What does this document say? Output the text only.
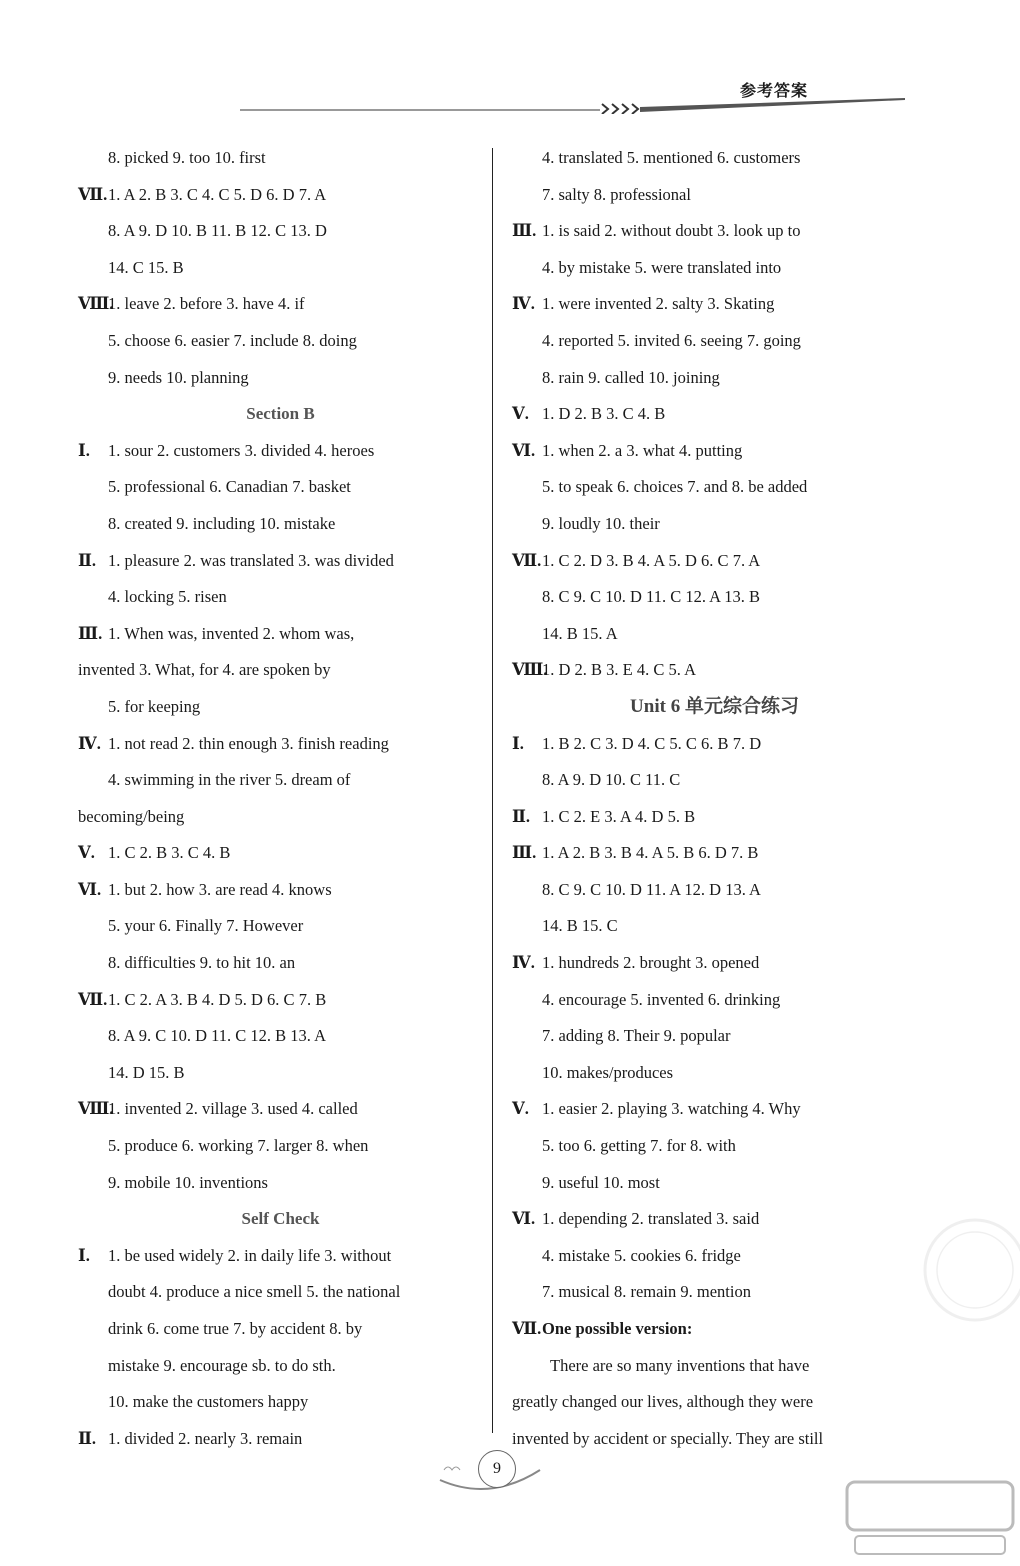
参考答案
8. picked 9. too 10. first
Ⅶ.1. A 2. B 3. C 4. C 5. D 6. D 7. A
8. A 9. D 10. B 11. B 12. C 13. D
14. C 15. B
Ⅷ.1. leave 2. before 3. have 4. if
5. choose 6. easier 7. include 8. doing
9. needs 10. planning
Section B
Ⅰ. 1. sour 2. customers 3. divided 4. heroes
5. professional 6. Canadian 7. basket
8. created 9. including 10. mistake
Ⅱ. 1. pleasure 2. was translated 3. was divided
4. locking 5. risen
Ⅲ. 1. When was, invented 2. whom was,
invented 3. What, for 4. are spoken by
5. for keeping
Ⅳ. 1. not read 2. thin enough 3. finish reading
4. swimming in the river 5. dream of
becoming/being
Ⅴ. 1. C 2. B 3. C 4. B
Ⅵ. 1. but 2. how 3. are read 4. knows
5. your 6. Finally 7. However
8. difficulties 9. to hit 10. an
Ⅶ.1. C 2. A 3. B 4. D 5. D 6. C 7. B
8. A 9. C 10. D 11. C 12. B 13. A
14. D 15. B
Ⅷ.1. invented 2. village 3. used 4. called
5. produce 6. working 7. larger 8. when
9. mobile 10. inventions
Self Check
Ⅰ. 1. be used widely 2. in daily life 3. without
doubt 4. produce a nice smell 5. the national
drink 6. come true 7. by accident 8. by
mistake 9. encourage sb. to do sth.
10. make the customers happy
Ⅱ. 1. divided 2. nearly 3. remain
4. translated 5. mentioned 6. customers
7. salty 8. professional
Ⅲ. 1. is said 2. without doubt 3. look up to
4. by mistake 5. were translated into
Ⅳ. 1. were invented 2. salty 3. Skating
4. reported 5. invited 6. seeing 7. going
8. rain 9. called 10. joining
Ⅴ. 1. D 2. B 3. C 4. B
Ⅵ. 1. when 2. a 3. what 4. putting
5. to speak 6. choices 7. and 8. be added
9. loudly 10. their
Ⅶ.1. C 2. D 3. B 4. A 5. D 6. C 7. A
8. C 9. C 10. D 11. C 12. A 13. B
14. B 15. A
Ⅷ.1. D 2. B 3. E 4. C 5. A
Unit 6 单元综合练习
Ⅰ. 1. B 2. C 3. D 4. C 5. C 6. B 7. D
8. A 9. D 10. C 11. C
Ⅱ. 1. C 2. E 3. A 4. D 5. B
Ⅲ. 1. A 2. B 3. B 4. A 5. B 6. D 7. B
8. C 9. C 10. D 11. A 12. D 13. A
14. B 15. C
Ⅳ. 1. hundreds 2. brought 3. opened
4. encourage 5. invented 6. drinking
7. adding 8. Their 9. popular
10. makes/produces
Ⅴ. 1. easier 2. playing 3. watching 4. Why
5. too 6. getting 7. for 8. with
9. useful 10. most
Ⅵ. 1. depending 2. translated 3. said
4. mistake 5. cookies 6. fridge
7. musical 8. remain 9. mention
Ⅶ.One possible version:
There are so many inventions that have
greatly changed our lives, although they were
invented by accident or specially. They are still
9
